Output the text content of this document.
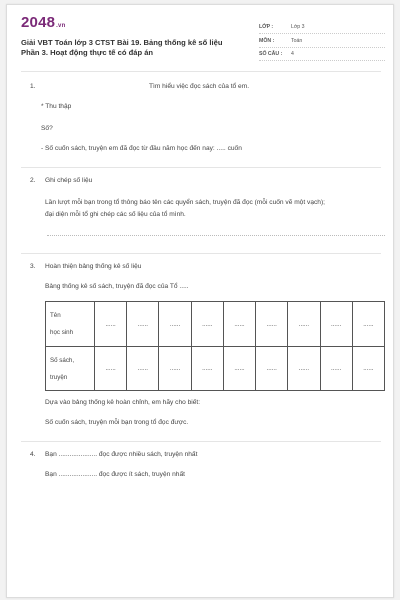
2048.vn
Giải VBT Toán lớp 3 CTST Bài 19. Bảng thống kê số liệu
Phần 3. Hoạt động thực tế có đáp án
LỚP :	Lớp 3
MÔN :	Toán
SỐ CÂU : 4
1.	Tìm hiểu việc đọc sách của tổ em.
* Thu thập
Số?
- Số cuốn sách, truyện em đã đọc từ đầu năm học đến nay: ..... cuốn
2. Ghi chép số liệu
Lần lượt mỗi bạn trong tổ thông báo tên các quyển sách, truyện đã đọc (mỗi cuốn vẽ một vạch);
đại diện mỗi tổ ghi chép các số liệu của tổ mình.
3. Hoàn thiện bảng thống kê số liệu
Bảng thống kê số sách, truyện đã đọc của Tổ .....
Tên
học sinh	......	......	......	......	......	......	......	......	......
Số sách,
truyện	......	......	......	......	......	......	......	......	......
Dựa vào bảng thống kê hoàn chỉnh, em hãy cho biết:
Số cuốn sách, truyện mỗi bạn trong tổ đọc được.
4. Bạn ..................... đọc được nhiều sách, truyện nhất
Bạn ..................... đọc được ít sách, truyện nhất
